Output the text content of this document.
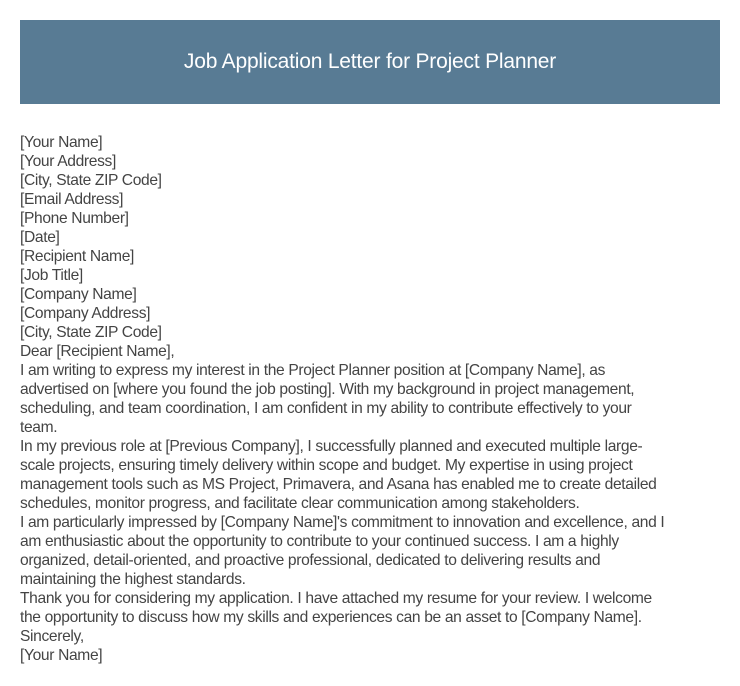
Job Application Letter for Project Planner
[Your Name]
[Your Address]
[City, State ZIP Code]
[Email Address]
[Phone Number]
[Date]
[Recipient Name]
[Job Title]
[Company Name]
[Company Address]
[City, State ZIP Code]
Dear [Recipient Name],
I am writing to express my interest in the Project Planner position at [Company Name], as
advertised on [where you found the job posting]. With my background in project management,
scheduling, and team coordination, I am confident in my ability to contribute effectively to your
team.
In my previous role at [Previous Company], I successfully planned and executed multiple large-
scale projects, ensuring timely delivery within scope and budget. My expertise in using project
management tools such as MS Project, Primavera, and Asana has enabled me to create detailed
schedules, monitor progress, and facilitate clear communication among stakeholders.
I am particularly impressed by [Company Name]'s commitment to innovation and excellence, and I
am enthusiastic about the opportunity to contribute to your continued success. I am a highly
organized, detail-oriented, and proactive professional, dedicated to delivering results and
maintaining the highest standards.
Thank you for considering my application. I have attached my resume for your review. I welcome
the opportunity to discuss how my skills and experiences can be an asset to [Company Name].
Sincerely,
[Your Name]
